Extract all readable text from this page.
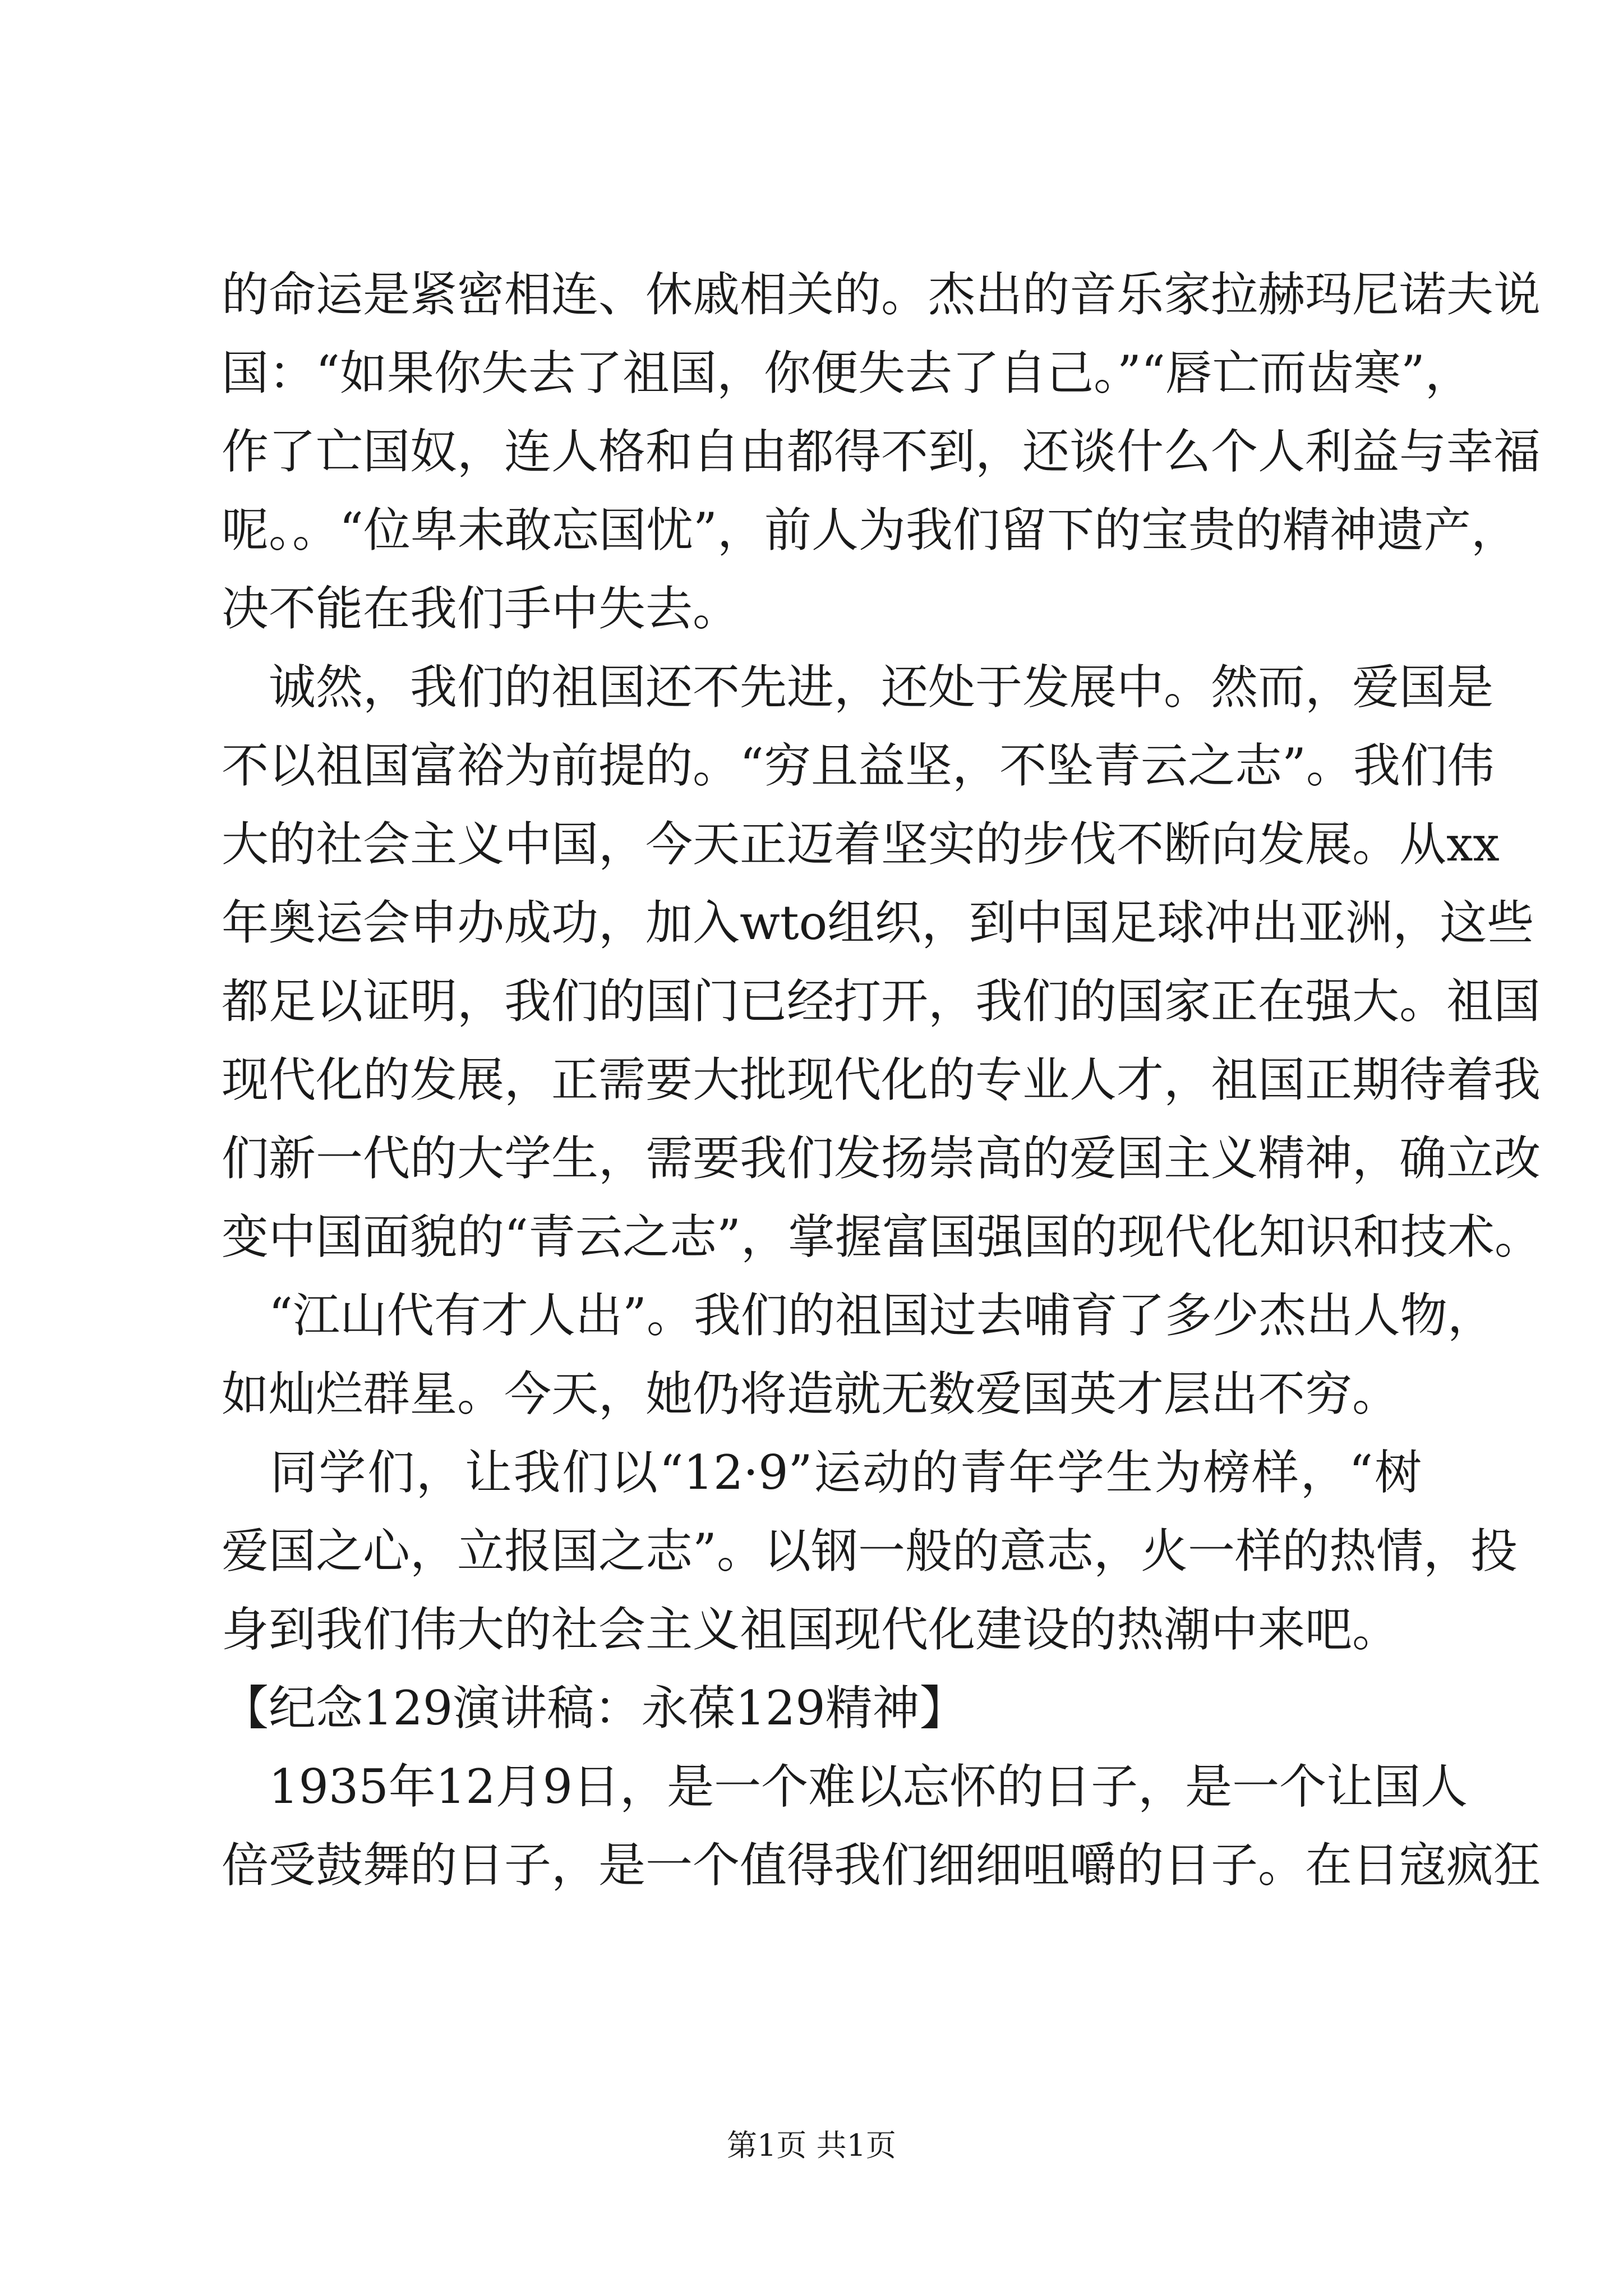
的命运是紧密相连、休戚相关的。杰出的音乐家拉赫玛尼诺夫说
国：“如果你失去了祖国，你便失去了自己。”“唇亡而齿寒”，
作了亡国奴，连人格和自由都得不到，还谈什么个人利益与幸福
呢。。“位卑未敢忘国忧”，前人为我们留下的宝贵的精神遗产，
决不能在我们手中失去。
　诚然，我们的祖国还不先进，还处于发展中。然而，爱国是
不以祖国富裕为前提的。“穷且益坚，不坠青云之志”。我们伟
大的社会主义中国，今天正迈着坚实的步伐不断向发展。从xx
年奥运会申办成功，加入wto组织，到中国足球冲出亚洲，这些
都足以证明，我们的国门已经打开，我们的国家正在强大。祖国
现代化的发展，正需要大批现代化的专业人才，祖国正期待着我
们新一代的大学生，需要我们发扬崇高的爱国主义精神，确立改
变中国面貌的“青云之志”，掌握富国强国的现代化知识和技术。
　“江山代有才人出”。我们的祖国过去哺育了多少杰出人物，
如灿烂群星。今天，她仍将造就无数爱国英才层出不穷。
　同学们，让我们以“12·9”运动的青年学生为榜样，“树
爱国之心，立报国之志”。以钢一般的意志，火一样的热情，投
身到我们伟大的社会主义祖国现代化建设的热潮中来吧。
【纪念129演讲稿：永葆129精神】
　1935年12月9日，是一个难以忘怀的日子，是一个让国人
倍受鼓舞的日子，是一个值得我们细细咀嚼的日子。在日寇疯狂
第1页 共1页
